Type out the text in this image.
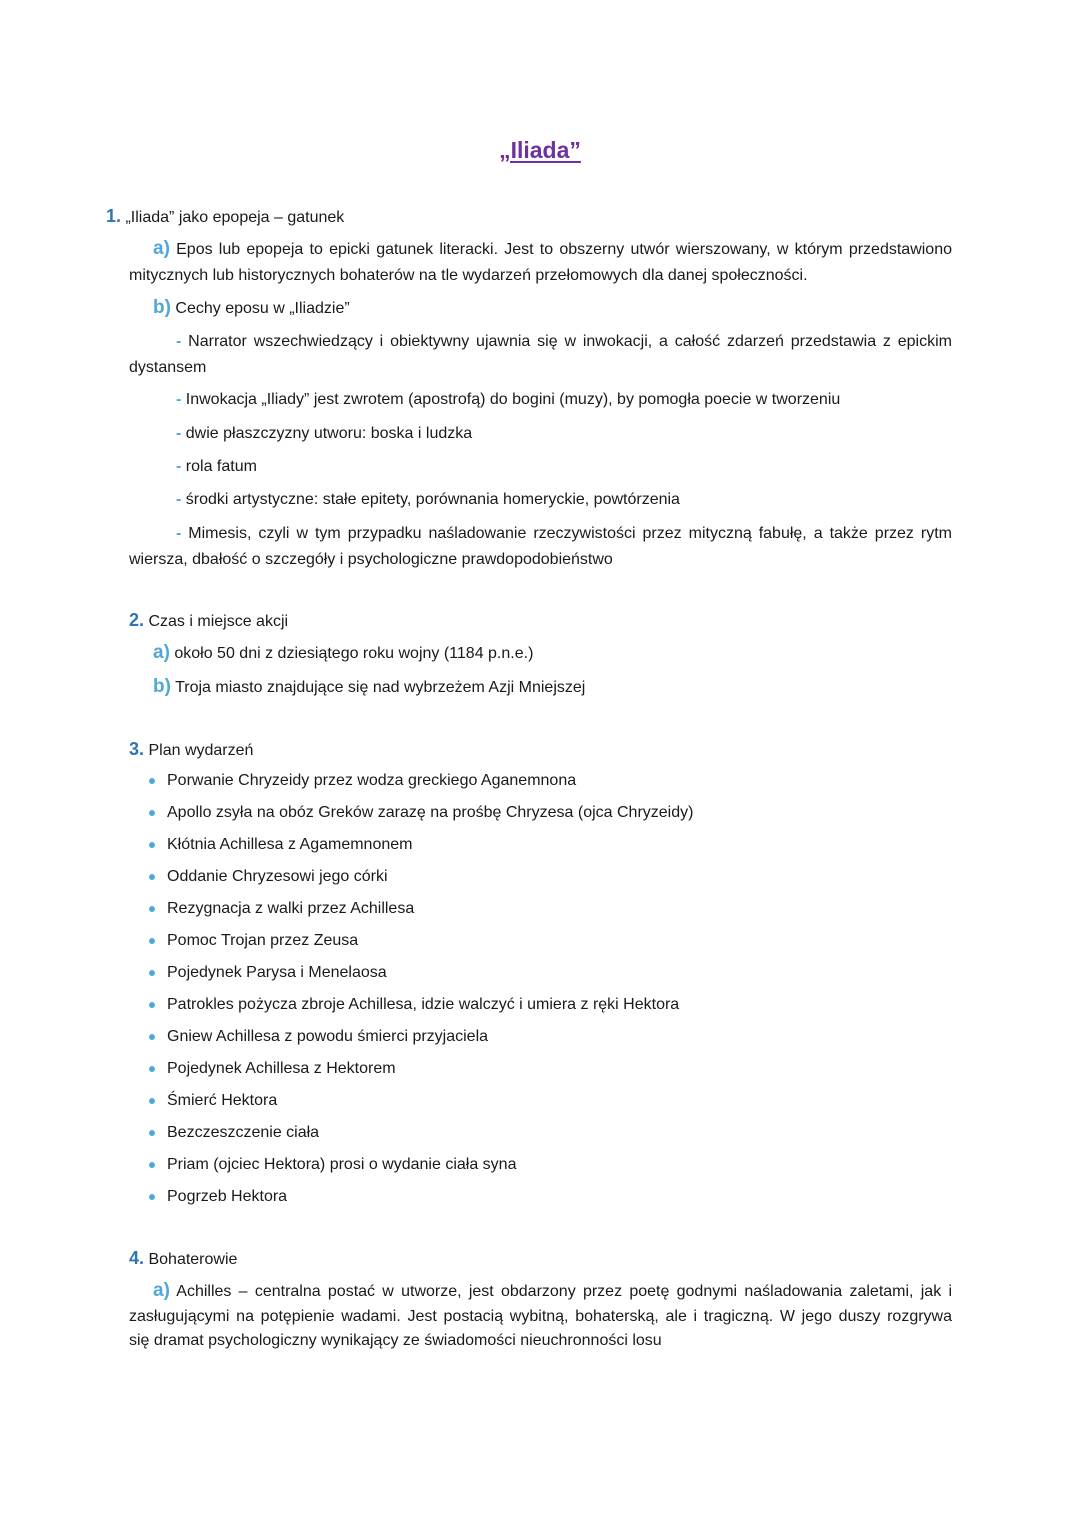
„Iliada”
1. „Iliada” jako epopeja – gatunek
a) Epos lub epopeja to epicki gatunek literacki. Jest to obszerny utwór wierszowany, w którym przedstawiono
mitycznych lub historycznych bohaterów na tle wydarzeń przełomowych dla danej społeczności.
b) Cechy eposu w „Iliadzie”
- Narrator wszechwiedzący i obiektywny ujawnia się w inwokacji, a całość zdarzeń przedstawia z epickim
dystansem
- Inwokacja „Iliady” jest zwrotem (apostrofą) do bogini (muzy), by pomogła poecie w tworzeniu
- dwie płaszczyzny utworu: boska i ludzka
- rola fatum
- środki artystyczne: stałe epitety, porównania homeryckie, powtórzenia
- Mimesis, czyli w tym przypadku naśladowanie rzeczywistości przez mityczną fabułę, a także przez rytm
wiersza, dbałość o szczegóły i psychologiczne prawdopodobieństwo
2. Czas i miejsce akcji
a) około 50 dni z dziesiątego roku wojny (1184 p.n.e.)
b) Troja miasto znajdujące się nad wybrzeżem Azji Mniejszej
3. Plan wydarzeń
Porwanie Chryzeidy przez wodza greckiego Aganemnona
Apollo zsyła na obóz Greków zarazę na prośbę Chryzesa (ojca Chryzeidy)
Kłótnia Achillesa z Agamemnonem
Oddanie Chryzesowi jego córki
Rezygnacja z walki przez Achillesa
Pomoc Trojan przez Zeusa
Pojedynek Parysa i Menelaosa
Patrokles pożycza zbroje Achillesa, idzie walczyć i umiera z ręki Hektora
Gniew Achillesa z powodu śmierci przyjaciela
Pojedynek Achillesa z Hektorem
Śmierć Hektora
Bezczeszczenie ciała
Priam (ojciec Hektora) prosi o wydanie ciała syna
Pogrzeb Hektora
4. Bohaterowie
a) Achilles – centralna postać w utworze, jest obdarzony przez poetę godnymi naśladowania zaletami, jak i
zasługującymi na potępienie wadami. Jest postacią wybitną, bohaterską, ale i tragiczną. W jego duszy rozgrywa
się dramat psychologiczny wynikający ze świadomości nieuchronności losu
